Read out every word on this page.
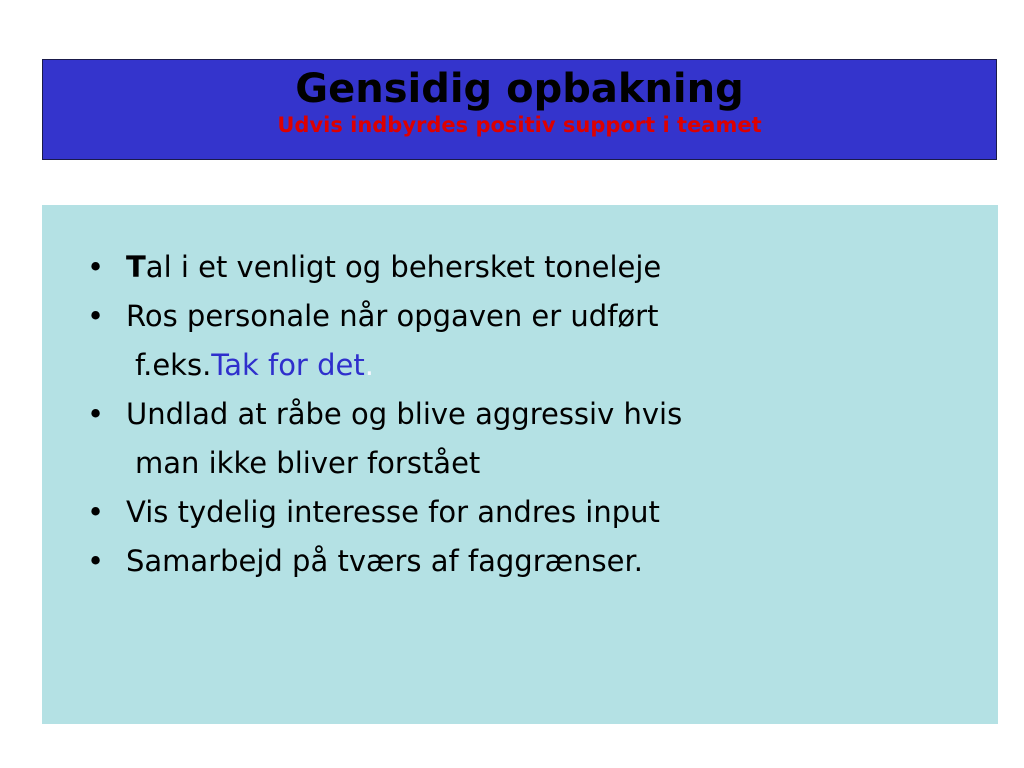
Gensidig opbakning

Udvis indbyrdes positiv support i teamet

• Tal i et venligt og behersket toneleje
• Ros personale når opgaven er udført
f.eks.Tak for det.
• Undlad at råbe og blive aggressiv hvis
man ikke bliver forstået
• Vis tydelig interesse for andres input
• Samarbejd på tværs af faggrænser.
